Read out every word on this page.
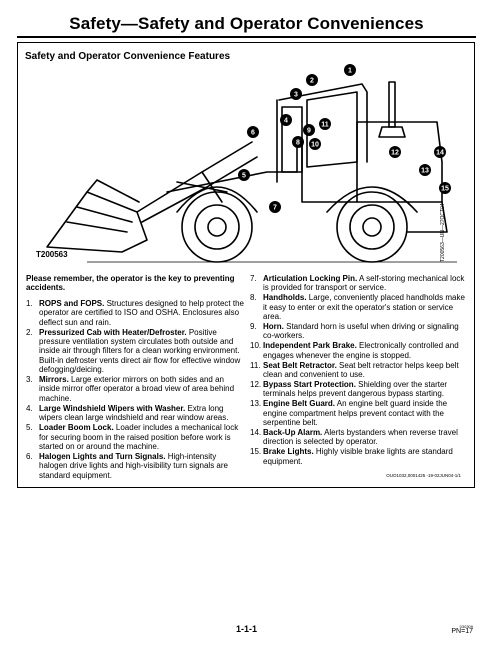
Safety—Safety and Operator Conveniences
Safety and Operator Convenience Features
1
2
3
4
5
6
7
8
9
10
11
12
13
14
15
T200563	T200563—UN—27OCT04
Please remember, the operator is the key to preventing accidents.
1. ROPS and FOPS. Structures designed to help protect the operator are certified to ISO and OSHA. Enclosures also deflect sun and rain.
2. Pressurized Cab with Heater/Defroster. Positive pressure ventilation system circulates both outside and inside air through filters for a clean working environment. Built-in defroster vents direct air flow for effective window defogging/deicing.
3. Mirrors. Large exterior mirrors on both sides and an inside mirror offer operator a broad view of area behind machine.
4. Large Windshield Wipers with Washer. Extra long wipers clean large windshield and rear window areas.
5. Loader Boom Lock. Loader includes a mechanical lock for securing boom in the raised position before work is started on or around the machine.
6. Halogen Lights and Turn Signals. High-intensity halogen drive lights and high-visibility turn signals are standard equipment.
7. Articulation Locking Pin. A self-storing mechanical lock is provided for transport or service.
8. Handholds. Large, conveniently placed handholds make it easy to enter or exit the operator's station or service area.
9. Horn. Standard horn is useful when driving or signaling co-workers.
10. Independent Park Brake. Electronically controlled and engages whenever the engine is stopped.
11. Seat Belt Retractor. Seat belt retractor helps keep belt clean and convenient to use.
12. Bypass Start Protection. Shielding over the starter terminals helps prevent dangerous bypass starting.
13. Engine Belt Guard. An engine belt guard inside the engine compartment helps prevent contact with the serpentine belt.
14. Back-Up Alarm. Alerts bystanders when reverse travel direction is selected by operator.
15. Brake Lights. Highly visible brake lights are standard equipment.
OUO1032,0001425 -19-02JUN04-1/1
1-1-1	030309
PN=17
